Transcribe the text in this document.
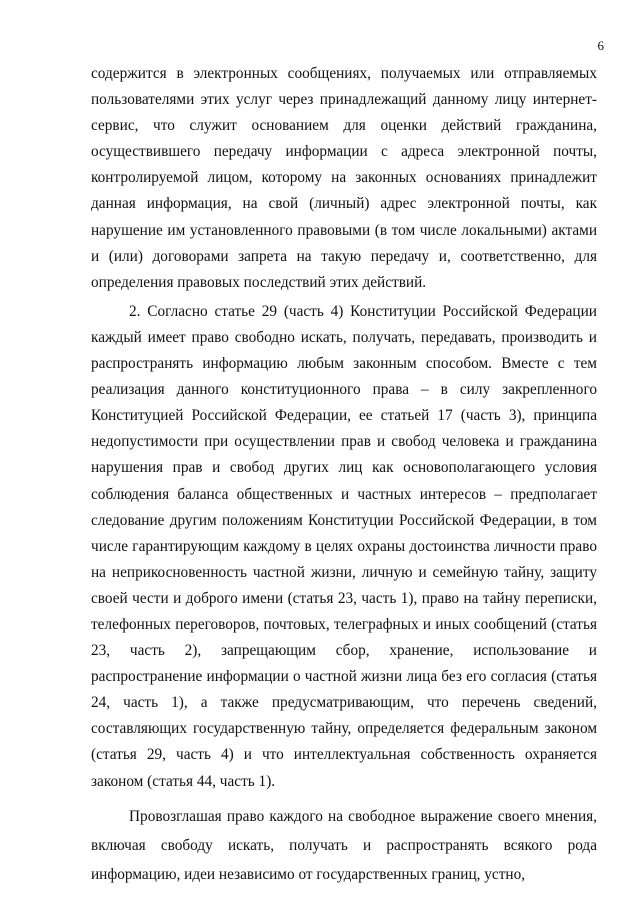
6

содержится в электронных сообщениях, получаемых или отправляемых пользователями этих услуг через принадлежащий данному лицу интернет-сервис, что служит основанием для оценки действий гражданина, осуществившего передачу информации с адреса электронной почты, контролируемой лицом, которому на законных основаниях принадлежит данная информация, на свой (личный) адрес электронной почты, как нарушение им установленного правовыми (в том числе локальными) актами и (или) договорами запрета на такую передачу и, соответственно, для определения правовых последствий этих действий.

2. Согласно статье 29 (часть 4) Конституции Российской Федерации каждый имеет право свободно искать, получать, передавать, производить и распространять информацию любым законным способом. Вместе с тем реализация данного конституционного права – в силу закрепленного Конституцией Российской Федерации, ее статьей 17 (часть 3), принципа недопустимости при осуществлении прав и свобод человека и гражданина нарушения прав и свобод других лиц как основополагающего условия соблюдения баланса общественных и частных интересов – предполагает следование другим положениям Конституции Российской Федерации, в том числе гарантирующим каждому в целях охраны достоинства личности право на неприкосновенность частной жизни, личную и семейную тайну, защиту своей чести и доброго имени (статья 23, часть 1), право на тайну переписки, телефонных переговоров, почтовых, телеграфных и иных сообщений (статья 23, часть 2), запрещающим сбор, хранение, использование и распространение информации о частной жизни лица без его согласия (статья 24, часть 1), а также предусматривающим, что перечень сведений, составляющих государственную тайну, определяется федеральным законом (статья 29, часть 4) и что интеллектуальная собственность охраняется законом (статья 44, часть 1).

Провозглашая право каждого на свободное выражение своего мнения, включая свободу искать, получать и распространять всякого рода информацию, идеи независимо от государственных границ, устно,
